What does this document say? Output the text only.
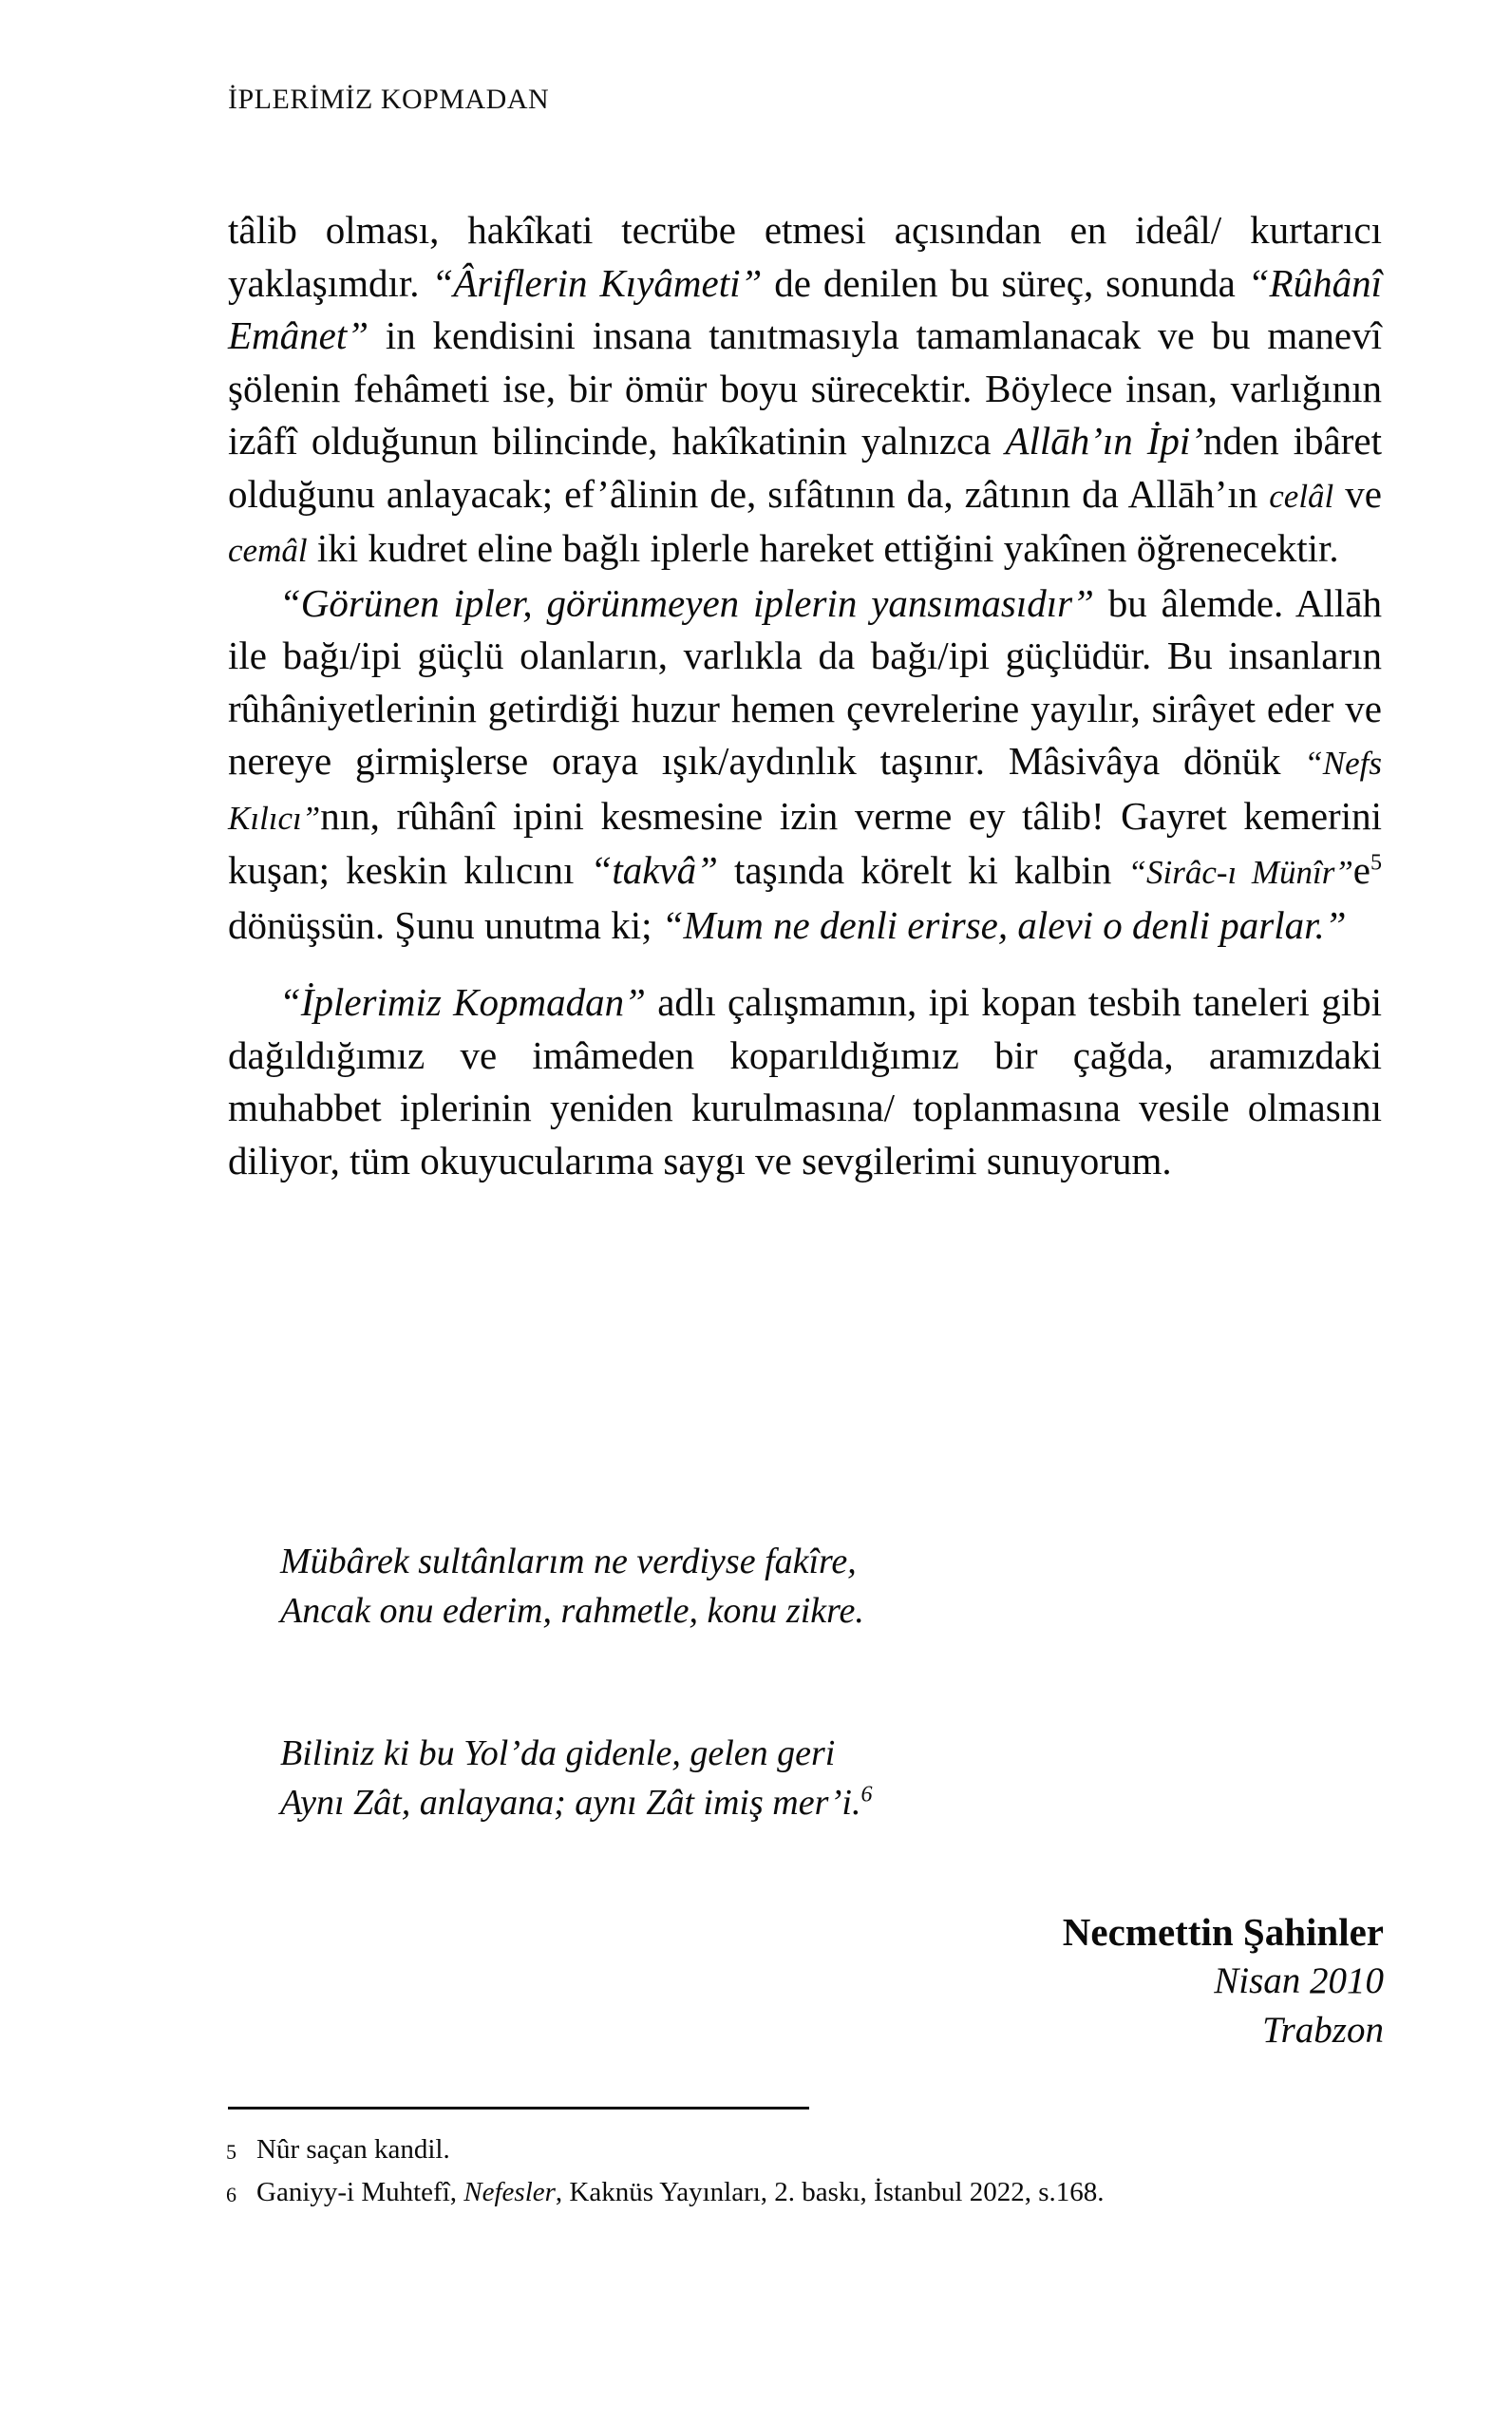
İPLERİMİZ KOPMADAN

tâlib olması, hakîkati tecrübe etmesi açısından en ideâl/ kurtarıcı yaklaşımdır. “Âriflerin Kıyâmeti” de denilen bu süreç, sonunda “Rûhânî Emânet” in kendisini insana tanıtmasıyla tamamlanacak ve bu manevî şölenin fehâmeti ise, bir ömür boyu sürecektir. Böylece insan, varlığının izâfî olduğunun bilincinde, hakîkatinin yalnızca Allāh’ın İpi’nden ibâret olduğunu anlayacak; ef’âlinin de, sıfâtının da, zâtının da Allāh’ın celâl ve cemâl iki kudret eline bağlı iplerle hareket ettiğini yakînen öğrenecektir.

“Görünen ipler, görünmeyen iplerin yansımasıdır” bu âlemde. Allāh ile bağı/ipi güçlü olanların, varlıkla da bağı/ipi güçlüdür. Bu insanların rûhâniyetlerinin getirdiği huzur hemen çevrelerine yayılır, sirâyet eder ve nereye girmişlerse oraya ışık/aydınlık taşınır. Mâsivâya dönük “Nefs Kılıcı”nın, rûhânî ipini kesmesine izin verme ey tâlib! Gayret kemerini kuşan; keskin kılıcını “takvâ” taşında körelt ki kalbin “Sirâc-ı Münîr”e$^5$ dönüşsün. Şunu unutma ki; “Mum ne denli erirse, alevi o denli parlar.”

“İplerimiz Kopmadan” adlı çalışmamın, ipi kopan tesbih taneleri gibi dağıldığımız ve imâmeden koparıldığımız bir çağda, aramızdaki muhabbet iplerinin yeniden kurulmasına/ toplanmasına vesile olmasını diliyor, tüm okuyucularıma saygı ve sevgilerimi sunuyorum.

Mübârek sultânlarım ne verdiyse fakîre,
Ancak onu ederim, rahmetle, konu zikre.
Biliniz ki bu Yol’da gidenle, gelen geri
Aynı Zât, anlayana; aynı Zât imiş mer’i.$^6$
Necmettin Şahinler
Nisan 2010
Trabzon
5 Nûr saçan kandil.
6 Ganiyy-i Muhtefî, Nefesler, Kaknüs Yayınları, 2. baskı, İstanbul 2022, s.168.
